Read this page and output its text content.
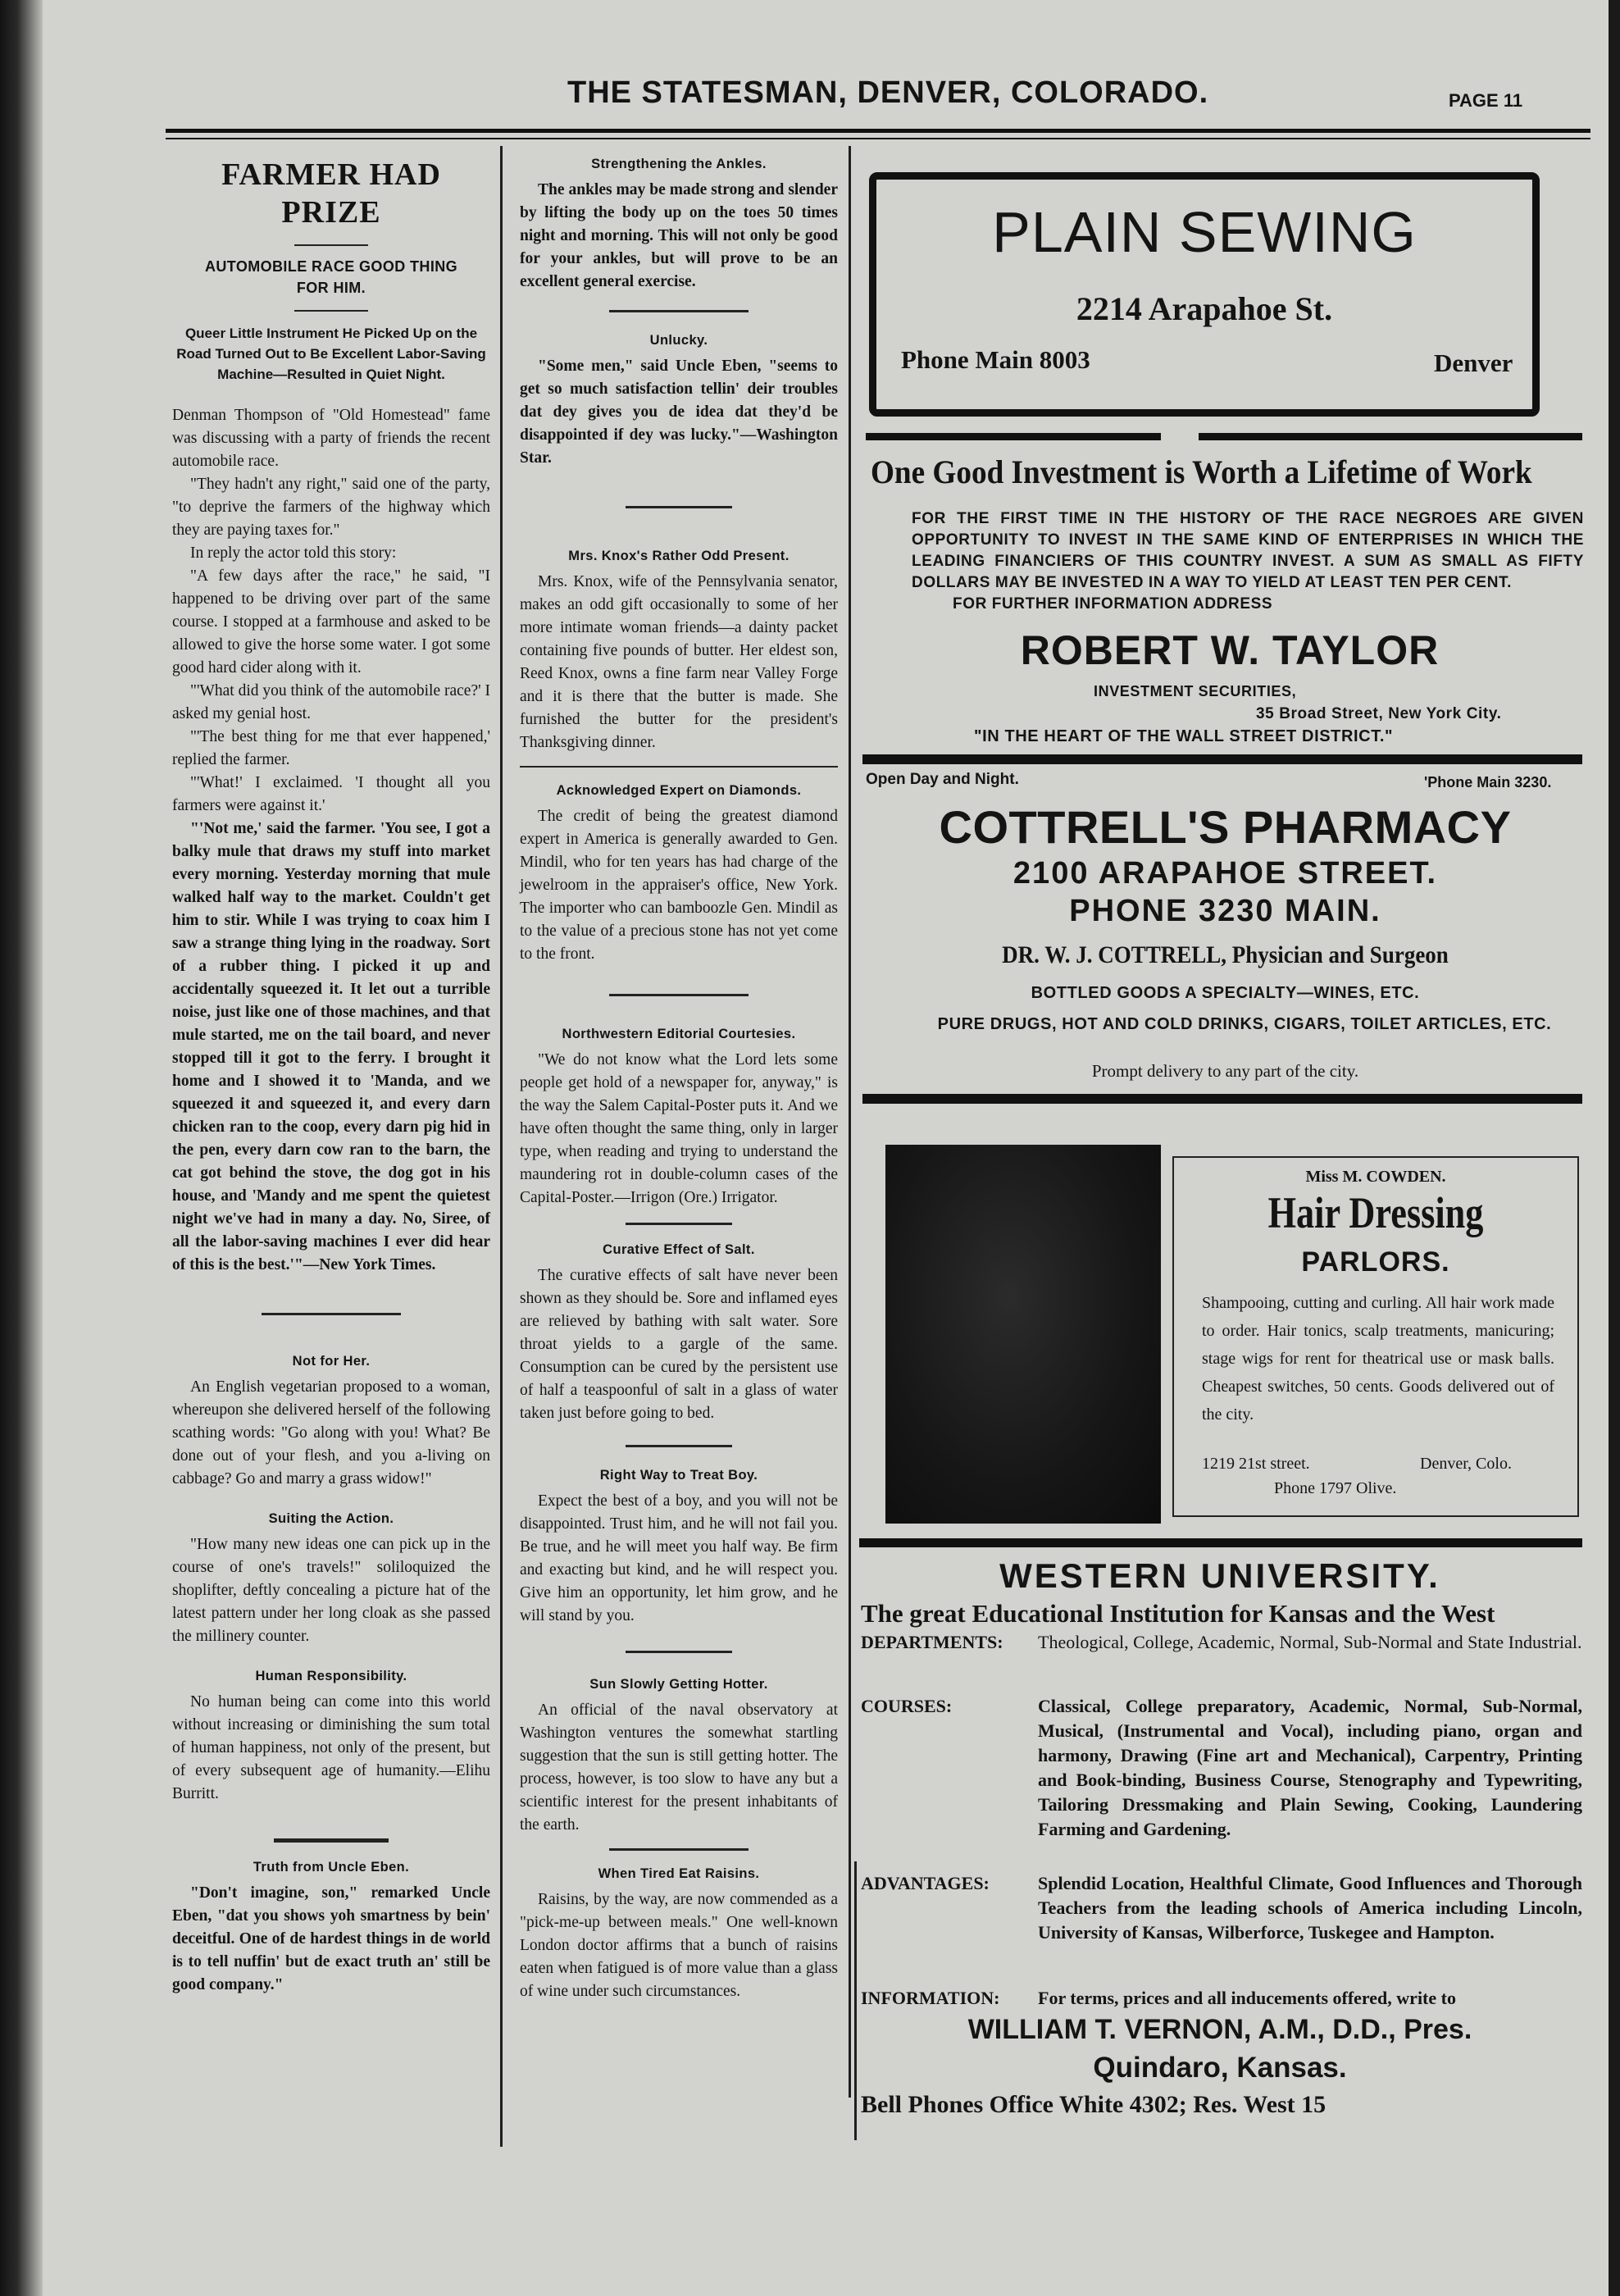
THE STATESMAN, DENVER, COLORADO.	PAGE 11
FARMER HAD PRIZE
AUTOMOBILE RACE GOOD THING FOR HIM.
Queer Little Instrument He Picked Up on the Road Turned Out to Be Excellent Labor-Saving Machine—Resulted in Quiet Night.

Denman Thompson of "Old Homestead" fame was discussing with a party of friends the recent automobile race.

"They hadn't any right," said one of the party, "to deprive the farmers of the highway which they are paying taxes for."

In reply the actor told this story:

"A few days after the race," he said, "I happened to be driving over part of the same course. I stopped at a farmhouse and asked to be allowed to give the horse some water. I got some good hard cider along with it.

"'What did you think of the automobile race?' I asked my genial host.

"'The best thing for me that ever happened,' replied the farmer.

"'What!' I exclaimed. 'I thought all you farmers were against it.'

"'Not me,' said the farmer. 'You see, I got a balky mule that draws my stuff into market every morning. Yesterday morning that mule walked half way to the market. Couldn't get him to stir. While I was trying to coax him I saw a strange thing lying in the roadway. Sort of a rubber thing. I picked it up and accidentally squeezed it. It let out a turrible noise, just like one of those machines, and that mule started, me on the tail board, and never stopped till it got to the ferry. I brought it home and I showed it to 'Manda, and we squeezed it and squeezed it, and every darn chicken ran to the coop, every darn pig hid in the pen, every darn cow ran to the barn, the cat got behind the stove, the dog got in his house, and 'Mandy and me spent the quietest night we've had in many a day. No, Siree, of all the labor-saving machines I ever did hear of this is the best.'"—New York Times.

Not for Her.

An English vegetarian proposed to a woman, whereupon she delivered herself of the following scathing words: "Go along with you! What? Be done out of your flesh, and you a-living on cabbage? Go and marry a grass widow!"

Suiting the Action.

"How many new ideas one can pick up in the course of one's travels!" soliloquized the shoplifter, deftly concealing a picture hat of the latest pattern under her long cloak as she passed the millinery counter.

Human Responsibility.

No human being can come into this world without increasing or diminishing the sum total of human happiness, not only of the present, but of every subsequent age of humanity.—Elihu Burritt.

Truth from Uncle Eben.

"Don't imagine, son," remarked Uncle Eben, "dat you shows yoh smartness by bein' deceitful. One of de hardest things in de world is to tell nuffin' but de exact truth an' still be good company."

Strengthening the Ankles.

The ankles may be made strong and slender by lifting the body up on the toes 50 times night and morning. This will not only be good for your ankles, but will prove to be an excellent general exercise.

Unlucky.

"Some men," said Uncle Eben, "seems to get so much satisfaction tellin' deir troubles dat dey gives you de idea dat they'd be disappointed if dey was lucky."—Washington Star.

Mrs. Knox's Rather Odd Present.

Mrs. Knox, wife of the Pennsylvania senator, makes an odd gift occasionally to some of her more intimate woman friends—a dainty packet containing five pounds of butter. Her eldest son, Reed Knox, owns a fine farm near Valley Forge and it is there that the butter is made. She furnished the butter for the president's Thanksgiving dinner.

Acknowledged Expert on Diamonds.

The credit of being the greatest diamond expert in America is generally awarded to Gen. Mindil, who for ten years has had charge of the jewelroom in the appraiser's office, New York. The importer who can bamboozle Gen. Mindil as to the value of a precious stone has not yet come to the front.

Northwestern Editorial Courtesies.

"We do not know what the Lord lets some people get hold of a newspaper for, anyway," is the way the Salem Capital-Poster puts it. And we have often thought the same thing, only in larger type, when reading and trying to understand the maundering rot in double-column cases of the Capital-Poster.—Irrigon (Ore.) Irrigator.

Curative Effect of Salt.

The curative effects of salt have never been shown as they should be. Sore and inflamed eyes are relieved by bathing with salt water. Sore throat yields to a gargle of the same. Consumption can be cured by the persistent use of half a teaspoonful of salt in a glass of water taken just before going to bed.

Right Way to Treat Boy.

Expect the best of a boy, and you will not be disappointed. Trust him, and he will not fail you. Be true, and he will meet you half way. Be firm and exacting but kind, and he will respect you. Give him an opportunity, let him grow, and he will stand by you.

Sun Slowly Getting Hotter.

An official of the naval observatory at Washington ventures the somewhat startling suggestion that the sun is still getting hotter. The process, however, is too slow to have any but a scientific interest for the present inhabitants of the earth.

When Tired Eat Raisins.

Raisins, by the way, are now commended as a "pick-me-up between meals." One well-known London doctor affirms that a bunch of raisins eaten when fatigued is of more value than a glass of wine under such circumstances.

PLAIN SEWING
2214 Arapahoe St.
Phone Main 8003	Denver
One Good Investment is Worth a Lifetime of Work
FOR THE FIRST TIME IN THE HISTORY OF THE RACE NEGROES ARE GIVEN OPPORTUNITY TO INVEST IN THE SAME KIND OF ENTERPRISES IN WHICH THE LEADING FINANCIERS OF THIS COUNTRY INVEST. A SUM AS SMALL AS FIFTY DOLLARS MAY BE INVESTED IN A WAY TO YIELD AT LEAST TEN PER CENT.
FOR FURTHER INFORMATION ADDRESS
ROBERT W. TAYLOR
INVESTMENT SECURITIES,
35 Broad Street, New York City.
"IN THE HEART OF THE WALL STREET DISTRICT."
Open Day and Night.	'Phone Main 3230.
COTTRELL'S PHARMACY
2100 ARAPAHOE STREET.
PHONE 3230 MAIN.
DR. W. J. COTTRELL, Physician and Surgeon
BOTTLED GOODS A SPECIALTY—WINES, ETC.
PURE DRUGS, HOT AND COLD DRINKS, CIGARS, TOILET ARTICLES, ETC.
Prompt delivery to any part of the city.
Miss M. COWDEN.
Hair Dressing
PARLORS.
Shampooing, cutting and curling. All hair work made to order. Hair tonics, scalp treatments, manicuring; stage wigs for rent for theatrical use or mask balls. Cheapest switches, 50 cents. Goods delivered out of the city.
1219 21st street.	Denver, Colo.
Phone 1797 Olive.
WESTERN UNIVERSITY.
The great Educational Institution for Kansas and the West
DEPARTMENTS: Theological, College, Academic, Normal, Sub-Normal and State Industrial.
COURSES:	Classical, College preparatory, Academic, Normal, Sub-Normal, Musical, (Instrumental and Vocal), including piano, organ and harmony, Drawing (Fine art and Mechanical), Carpentry, Printing and Book-binding, Business Course, Stenography and Typewriting, Tailoring Dressmaking and Plain Sewing, Cooking, Laundering Farming and Gardening.
ADVANTAGES:	Splendid Location, Healthful Climate, Good Influences and Thorough Teachers from the leading schools of America including Lincoln, University of Kansas, Wilberforce, Tuskegee and Hampton.
INFORMATION: For terms, prices and all inducements offered, write to
WILLIAM T. VERNON, A.M., D.D., Pres.
Quindaro, Kansas.
Bell Phones Office White 4302; Res. West 15
